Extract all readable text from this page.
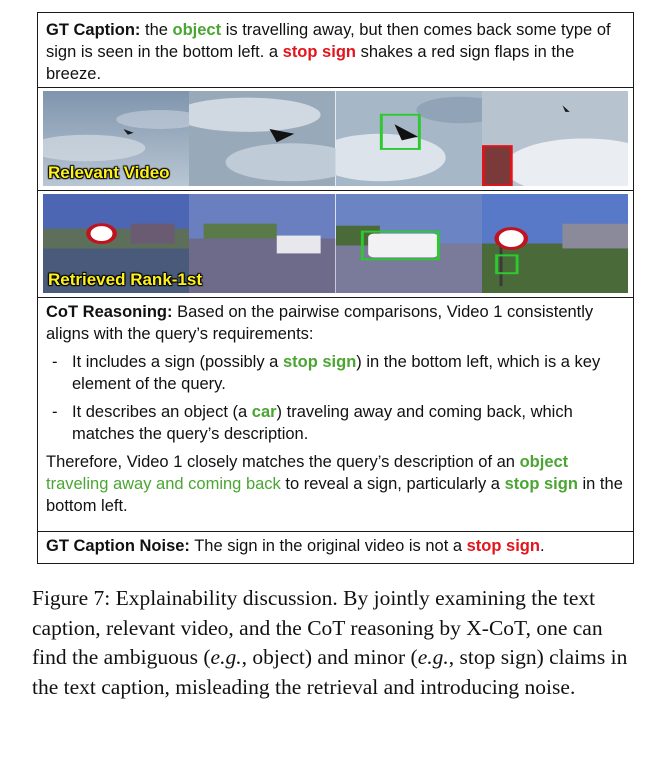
GT Caption: the object is travelling away, but then comes back some type of sign is seen in the bottom left. a stop sign shakes a red sign flaps in the breeze.
Relevant Video
Retrieved Rank-1st
CoT Reasoning: Based on the pairwise comparisons, Video 1 consistently aligns with the query’s requirements:
- It includes a sign (possibly a stop sign) in the bottom left, which is a key element of the query.
- It describes an object (a car) traveling away and coming back, which matches the query’s description.
Therefore, Video 1 closely matches the query’s description of an object traveling away and coming back to reveal a sign, particularly a stop sign in the bottom left.
GT Caption Noise: The sign in the original video is not a stop sign.
Figure 7: Explainability discussion. By jointly examining the text caption, relevant video, and the CoT reasoning by X-CoT, one can find the ambiguous (e.g., object) and minor (e.g., stop sign) claims in the text caption, misleading the retrieval and introducing noise.
